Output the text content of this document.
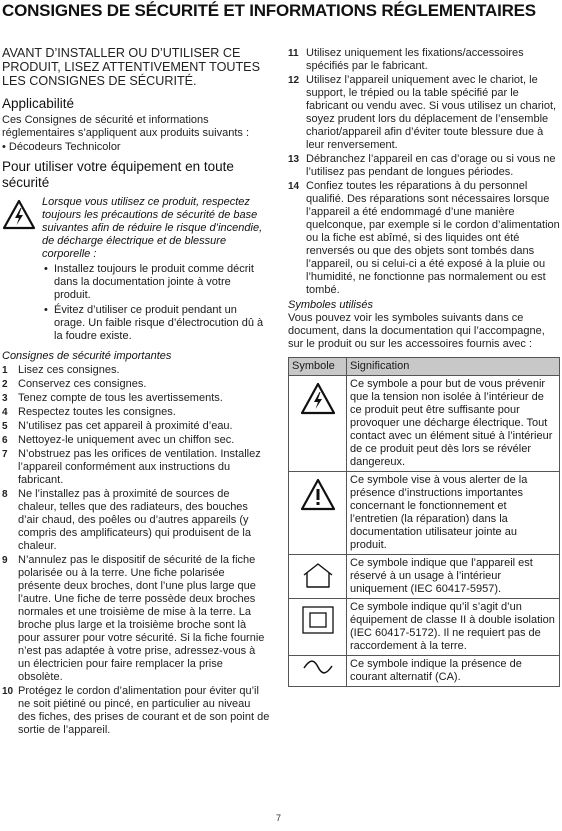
CONSIGNES DE SÉCURITÉ ET INFORMATIONS RÉGLEMENTAIRES
AVANT D’INSTALLER OU D’UTILISER CE PRODUIT, LISEZ ATTENTIVEMENT TOUTES LES CONSIGNES DE SÉCURITÉ.
Applicabilité
Ces Consignes de sécurité et informations réglementaires s’appliquent aux produits suivants :
• Décodeurs Technicolor
Pour utiliser votre équipement en toute sécurité
Lorsque vous utilisez ce produit, respectez toujours les précautions de sécurité de base suivantes afin de réduire le risque d’incendie, de décharge électrique et de blessure corporelle :
• Installez toujours le produit comme décrit dans la documentation jointe à votre produit.
• Évitez d’utiliser ce produit pendant un orage. Un faible risque d’électrocution dû à la foudre existe.
Consignes de sécurité importantes
1 Lisez ces consignes.
2 Conservez ces consignes.
3 Tenez compte de tous les avertissements.
4 Respectez toutes les consignes.
5 N’utilisez pas cet appareil à proximité d’eau.
6 Nettoyez-le uniquement avec un chiffon sec.
7 N’obstruez pas les orifices de ventilation. Installez l’appareil conformément aux instructions du fabricant.
8 Ne l’installez pas à proximité de sources de chaleur, telles que des radiateurs, des bouches d’air chaud, des poêles ou d’autres appareils (y compris des amplificateurs) qui produisent de la chaleur.
9 N’annulez pas le dispositif de sécurité de la fiche polarisée ou à la terre. Une fiche polarisée présente deux broches, dont l’une plus large que l’autre. Une fiche de terre possède deux broches normales et une troisième de mise à la terre. La broche plus large et la troisième broche sont là pour assurer pour votre sécurité. Si la fiche fournie n’est pas adaptée à votre prise, adressez-vous à un électricien pour faire remplacer la prise obsolète.
10 Protégez le cordon d’alimentation pour éviter qu’il ne soit piétiné ou pincé, en particulier au niveau des fiches, des prises de courant et de son point de sortie de l’appareil.
11 Utilisez uniquement les fixations/accessoires spécifiés par le fabricant.
12 Utilisez l’appareil uniquement avec le chariot, le support, le trépied ou la table spécifié par le fabricant ou vendu avec. Si vous utilisez un chariot, soyez prudent lors du déplacement de l’ensemble chariot/appareil afin d’éviter toute blessure due à leur renversement.
13 Débranchez l’appareil en cas d’orage ou si vous ne l’utilisez pas pendant de longues périodes.
14 Confiez toutes les réparations à du personnel qualifié. Des réparations sont nécessaires lorsque l’appareil a été endommagé d’une manière quelconque, par exemple si le cordon d’alimentation ou la fiche est abîmé, si des liquides ont été renversés ou que des objets sont tombés dans l’appareil, ou si celui-ci a été exposé à la pluie ou l’humidité, ne fonctionne pas normalement ou est tombé.
Symboles utilisés
Vous pouvez voir les symboles suivants dans ce document, dans la documentation qui l’accompagne, sur le produit ou sur les accessoires fournis avec :
Symbole	Signification
	Ce symbole a pour but de vous prévenir que la tension non isolée à l’intérieur de ce produit peut être suffisante pour provoquer une décharge électrique. Tout contact avec un élément situé à l’intérieur de ce produit peut dès lors se révéler dangereux.
	Ce symbole vise à vous alerter de la présence d’instructions importantes concernant le fonctionnement et l’entretien (la réparation) dans la documentation utilisateur jointe au produit.
	Ce symbole indique que l’appareil est réservé à un usage à l’intérieur uniquement (IEC 60417-5957).
	Ce symbole indique qu’il s’agit d’un équipement de classe II à double isolation (IEC 60417-5172). Il ne requiert pas de raccordement à la terre.
	Ce symbole indique la présence de courant alternatif (CA).
7
